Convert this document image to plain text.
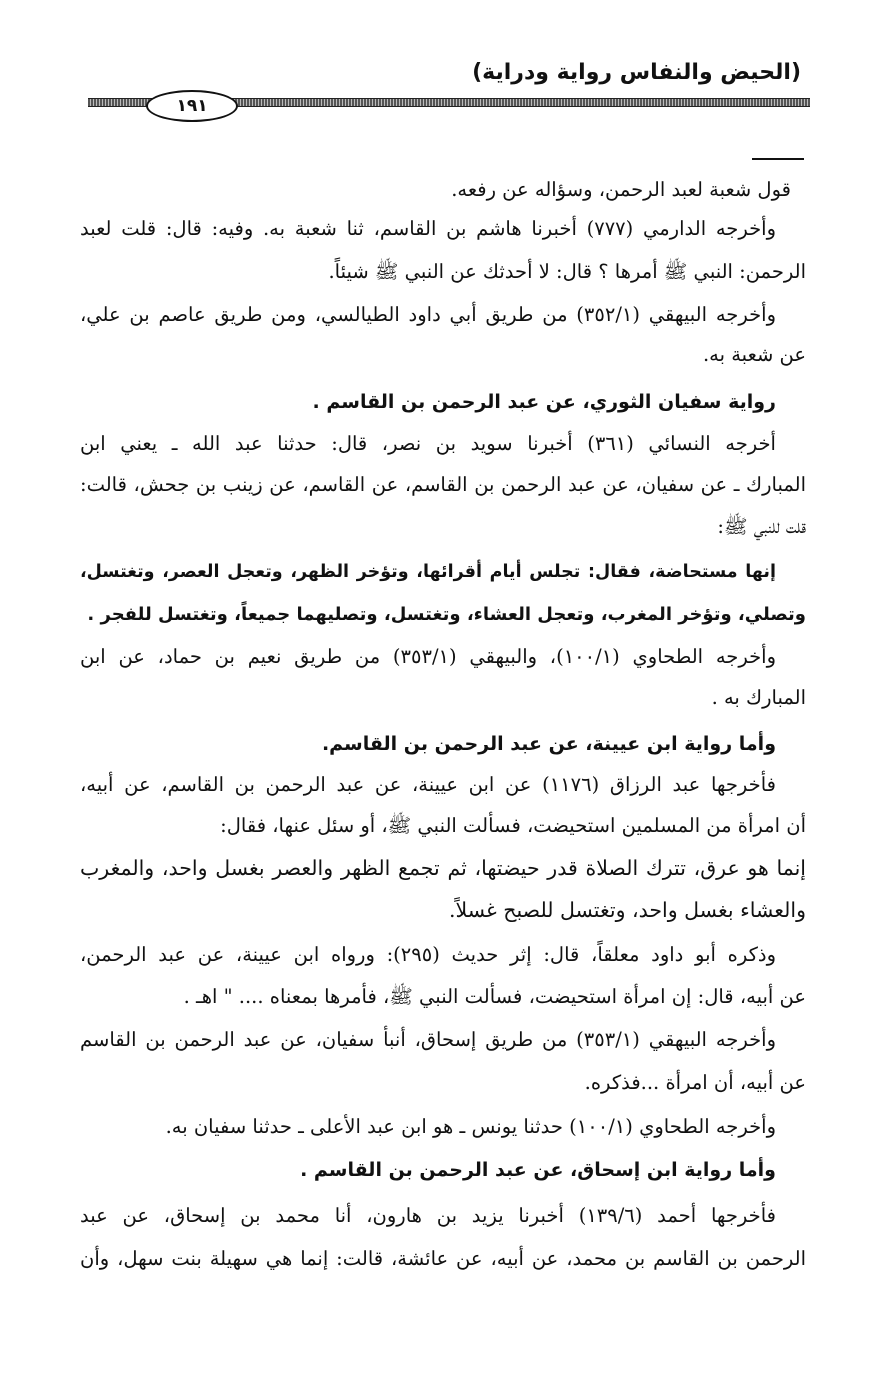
(الحيض والنفاس رواية ودراية)
١٩١
قول شعبة لعبد الرحمن، وسؤاله عن رفعه.
وأخرجه الدارمي (٧٧٧) أخبرنا هاشم بن القاسم، ثنا شعبة به. وفيه: قال: قلت لعبد
الرحمن: النبي ﷺ أمرها ؟ قال: لا أحدثك عن النبي ﷺ شيئاً.
وأخرجه البيهقي (٣٥٢/١) من طريق أبي داود الطيالسي، ومن طريق عاصم بن علي،
عن شعبة به.
رواية سفيان الثوري، عن عبد الرحمن بن القاسم .
أخرجه النسائي (٣٦١) أخبرنا سويد بن نصر، قال: حدثنا عبد الله ـ يعني ابن
المبارك ـ عن سفيان، عن عبد الرحمن بن القاسم، عن القاسم، عن زينب بن جحش، قالت:
قلت للنبي ﷺ:
إنها مستحاضة، فقال: تجلس أيام أقرائها، وتؤخر الظهر، وتعجل العصر، وتغتسل،
وتصلي، وتؤخر المغرب، وتعجل العشاء، وتغتسل، وتصليهما جميعاً، وتغتسل للفجر .
وأخرجه الطحاوي (١٠٠/١)، والبيهقي (٣٥٣/١) من طريق نعيم بن حماد، عن ابن
المبارك به .
وأما رواية ابن عيينة، عن عبد الرحمن بن القاسم.
فأخرجها عبد الرزاق (١١٧٦) عن ابن عيينة، عن عبد الرحمن بن القاسم، عن أبيه،
أن امرأة من المسلمين استحيضت، فسألت النبي ﷺ، أو سئل عنها، فقال:
إنما هو عرق، تترك الصلاة قدر حيضتها، ثم تجمع الظهر والعصر بغسل واحد، والمغرب
والعشاء بغسل واحد، وتغتسل للصبح غسلاً.
وذكره أبو داود معلقاً، قال: إثر حديث (٢٩٥): ورواه ابن عيينة، عن عبد الرحمن،
عن أبيه، قال: إن امرأة استحيضت، فسألت النبي ﷺ، فأمرها بمعناه .... " اهـ .
وأخرجه البيهقي (٣٥٣/١) من طريق إسحاق، أنبأ سفيان، عن عبد الرحمن بن القاسم
عن أبيه، أن امرأة ...فذكره.
وأخرجه الطحاوي (١٠٠/١) حدثنا يونس ـ هو ابن عبد الأعلى ـ حدثنا سفيان به.
وأما رواية ابن إسحاق، عن عبد الرحمن بن القاسم .
فأخرجها أحمد (١٣٩/٦) أخبرنا يزيد بن هارون، أنا محمد بن إسحاق، عن عبد
الرحمن بن القاسم بن محمد، عن أبيه، عن عائشة، قالت: إنما هي سهيلة بنت سهل، وأن
